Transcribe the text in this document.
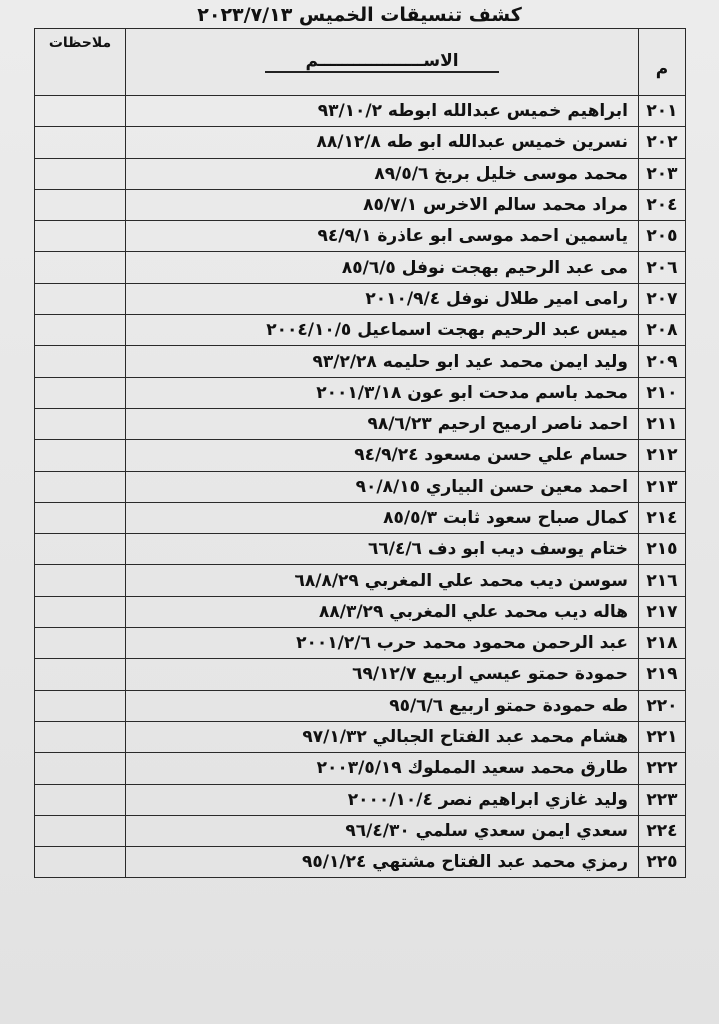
كشف تنسيقات الخميس ٢٠٢٣/٧/١٣
م	الاســــــــــــــــــم	ملاحظات
٢٠١	ابراهيم خميس عبدالله ابوطه ٩٣/١٠/٢	
٢٠٢	نسرين خميس عبدالله ابو طه ٨٨/١٢/٨	
٢٠٣	محمد موسى خليل بربخ ٨٩/٥/٦	
٢٠٤	مراد محمد سالم الاخرس ٨٥/٧/١	
٢٠٥	ياسمين احمد موسى ابو عاذرة ٩٤/٩/١	
٢٠٦	مى عبد الرحيم بهجت نوفل ٨٥/٦/٥	
٢٠٧	رامى امير طلال نوفل ٢٠١٠/٩/٤	
٢٠٨	ميس عبد الرحيم بهجت اسماعيل ٢٠٠٤/١٠/٥	
٢٠٩	وليد ايمن محمد عيد ابو حليمه ٩٣/٢/٢٨	
٢١٠	محمد باسم مدحت ابو عون ٢٠٠١/٣/١٨	
٢١١	احمد ناصر ارميح ارحيم ٩٨/٦/٢٣	
٢١٢	حسام علي حسن مسعود ٩٤/٩/٢٤	
٢١٣	احمد معين حسن البياري ٩٠/٨/١٥	
٢١٤	كمال صباح سعود ثابت ٨٥/٥/٣	
٢١٥	ختام يوسف ديب ابو دف ٦٦/٤/٦	
٢١٦	سوسن ديب محمد علي المغربي ٦٨/٨/٢٩	
٢١٧	هاله ديب محمد علي المغربي ٨٨/٣/٢٩	
٢١٨	عبد الرحمن محمود محمد حرب ٢٠٠١/٢/٦	
٢١٩	حمودة حمتو عيسي اربيع ٦٩/١٢/٧	
٢٢٠	طه حمودة حمتو اربيع ٩٥/٦/٦	
٢٢١	هشام محمد عبد الفتاح الجبالي ٩٧/١/٣٢	
٢٢٢	طارق محمد سعيد المملوك ٢٠٠٣/٥/١٩	
٢٢٣	وليد غازي ابراهيم نصر ٢٠٠٠/١٠/٤	
٢٢٤	سعدي ايمن سعدي سلمي ٩٦/٤/٣٠	
٢٢٥	رمزي محمد عبد الفتاح مشتهي ٩٥/١/٢٤	
